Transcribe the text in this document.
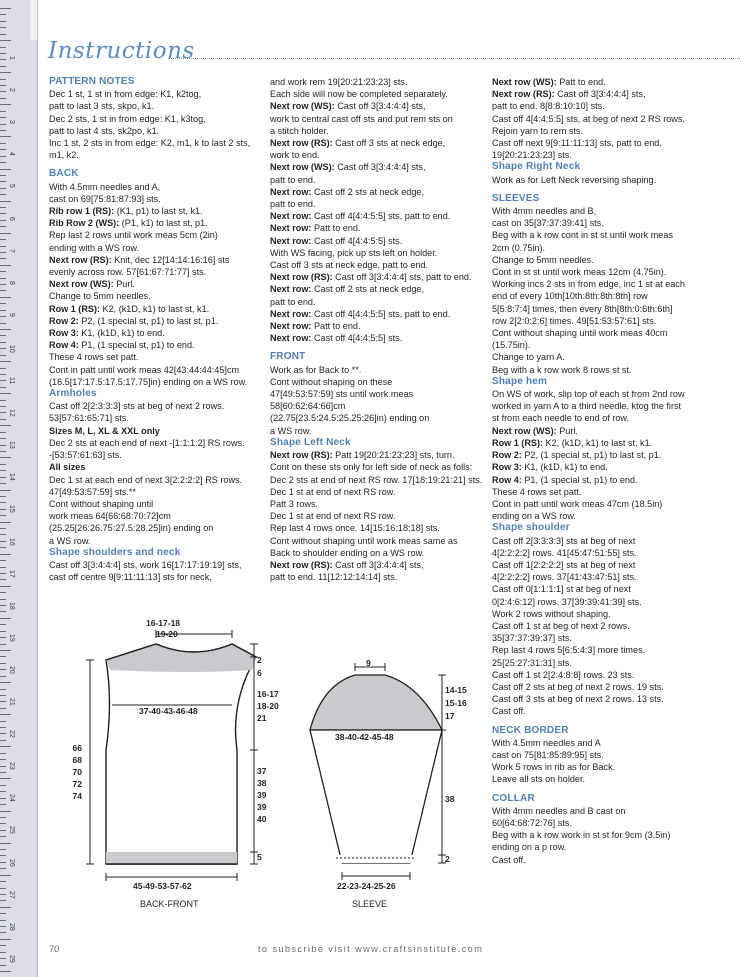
1
2
3
4
5
6
7
8
9
10
11
12
13
14
15
16
17
18
19
20
21
22
23
24
25
26
27
28
29
Instructions
PATTERN NOTES
Dec 1 st, 1 st in from edge: K1, k2tog,
patt to last 3 sts, skpo, k1.
Dec 2 sts, 1 st in from edge: K1, k3tog,
patt to last 4 sts, sk2po, k1.
Inc 1 st, 2 sts in from edge: K2, m1, k to last 2 sts,
m1, k2.
BACK
With 4.5mm needles and A,
cast on 69[75:81:87:93] sts.
Rib row 1 (RS): (K1, p1) to last st, k1.
Rib Row 2 (WS): (P1, k1) to last st, p1.
Rep last 2 rows until work meas 5cm (2in)
ending with a WS row.
Next row (RS): Knit, dec 12[14:14:16:16] sts
evenly across row. 57[61:67:71:77] sts.
Next row (WS): Purl.
Change to 5mm needles.
Row 1 (RS): K2, (k1D, k1) to last st, k1.
Row 2: P2, (1 special st, p1) to last st, p1.
Row 3: K1, (k1D, k1) to end.
Row 4: P1, (1 special st, p1) to end.
These 4 rows set patt.
Cont in patt until work meas 42[43:44:44:45]cm
(16.5[17:17.5:17.5:17.75]in) ending on a WS row.
Armholes
Cast off 2[2:3:3:3] sts at beg of next 2 rows.
53[57:61:65:71] sts.
Sizes M, L, XL & XXL only
Dec 2 sts at each end of next -[1:1:1:2] RS rows.
-[53:57:61:63] sts.
All sizes
Dec 1 st at each end of next 3[2:2:2:2] RS rows.
47[49:53:57:59] sts.**
Cont without shaping until
work meas 64[66:68:70:72]cm
(25.25[26:26.75:27.5:28.25]in) ending on
a WS row.
Shape shoulders and neck
Cast off 3[3:4:4:4] sts, work 16[17:17:19:19] sts,
cast off centre 9[9:11:11:13] sts for neck,
and work rem 19[20:21:23:23] sts.
Each side will now be completed separately.
Next row (WS): Cast off 3[3:4:4:4] sts,
work to central cast off sts and put rem sts on
a stitch holder.
Next row (RS): Cast off 3 sts at neck edge,
work to end.
Next row (WS): Cast off 3[3:4:4:4] sts,
patt to end.
Next row: Cast off 2 sts at neck edge,
patt to end.
Next row: Cast off 4[4:4:5:5] sts, patt to end.
Next row: Patt to end.
Next row: Cast off 4[4:4:5:5] sts.
With WS facing, pick up sts left on holder.
Cast off 3 sts at neck edge, patt to end.
Next row (RS): Cast off 3[3:4:4:4] sts, patt to end.
Next row: Cast off 2 sts at neck edge,
patt to end.
Next row: Cast off 4[4:4:5:5] sts, patt to end.
Next row: Patt to end.
Next row: Cast off 4[4:4:5:5] sts.
FRONT
Work as for Back to **.
Cont without shaping on these
47[49:53:57:59] sts until work meas
58[60:62:64:66]cm
(22.75[23.5:24.5:25.25:26]in) ending on
a WS row.
Shape Left Neck
Next row (RS): Patt 19[20:21:23:23] sts, turn.
Cont on these sts only for left side of neck as folls:
Dec 2 sts at end of next RS row. 17[18:19:21:21] sts.
Dec 1 st at end of next RS row.
Patt 3 rows.
Dec 1 st at end of next RS row.
Rep last 4 rows once. 14[15:16:18:18] sts.
Cont without shaping until work meas same as
Back to shoulder ending on a WS row.
Next row (RS): Cast off 3[3:4:4:4] sts,
patt to end. 11[12:12:14:14] sts.
Next row (WS): Patt to end.
Next row (RS): Cast off 3[3:4:4:4] sts,
patt to end. 8[8:8:10:10] sts.
Cast off 4[4:4:5:5] sts, at beg of next 2 RS rows.
Rejoin yarn to rem sts.
Cast off next 9[9:11:11:13] sts, patt to end.
19[20:21:23:23] sts.
Shape Right Neck
Work as for Left Neck reversing shaping.
SLEEVES
With 4mm needles and B,
cast on 35[37:37:39:41] sts.
Beg with a k row cont in st st until work meas
2cm (0.75in).
Change to 5mm needles.
Cont in st st until work meas 12cm (4.75in).
Working incs 2 sts in from edge, inc 1 st at each
end of every 10th[10th:8th:8th:8th] row
5[5:8:7:4] times, then every 8th[8th:0:6th:6th]
row 2[2:0:2:6] times. 49[51:53:57:61] sts.
Cont without shaping until work meas 40cm
(15.75in).
Change to yarn A.
Beg with a k row work 8 rows st st.
Shape hem
On WS of work, slip top of each st from 2nd row
worked in yarn A to a third needle, ktog the first
st from each needle to end of row.
Next row (WS): Purl.
Row 1 (RS): K2, (k1D, k1) to last st, k1.
Row 2: P2, (1 special st, p1) to last st, p1.
Row 3: K1, (k1D, k1) to end.
Row 4: P1, (1 special st, p1) to end.
These 4 rows set patt.
Cont in patt until work meas 47cm (18.5in)
ending on a WS row.
Shape shoulder
Cast off 2[3:3:3:3] sts at beg of next
4[2:2:2:2] rows. 41[45:47:51:55] sts.
Cast off 1[2:2:2:2] sts at beg of next
4[2:2:2:2] rows. 37[41:43:47:51] sts.
Cast off 0[1:1:1:1] st at beg of next
0[2:4:6:12] rows. 37[39:39:41:39] sts.
Work 2 rows without shaping.
Cast off 1 st at beg of next 2 rows.
35[37:37:39:37] sts.
Rep last 4 rows 5[6:5:4:3] more times.
25[25:27:31:31] sts.
Cast off 1 st 2[2:4:8:8] rows. 23 sts.
Cast off 2 sts at beg of next 2 rows. 19 sts.
Cast off 3 sts at beg of next 2 rows. 13 sts.
Cast off.
NECK BORDER
With 4.5mm needles and A
cast on 75[81:85:89:95] sts.
Work 5 rows in rib as for Back.
Leave all sts on holder.
COLLAR
With 4mm needles and B cast on
60[64:68:72:76] sts.
Beg with a k row work in st st for 9cm (3.5in)
ending on a p row.
Cast off.
16-17-18
19-20
37-40-43-46-48
45-49-53-57-62
2
6
16-17
18-20
21
37
38
39
39
40
5
66
68
70
72
74
BACK-FRONT
9
38-40-42-45-48
22-23-24-25-26
14-15
15-16
17
38
2
SLEEVE
70	to subscribe visit www.craftsinstitute.com
